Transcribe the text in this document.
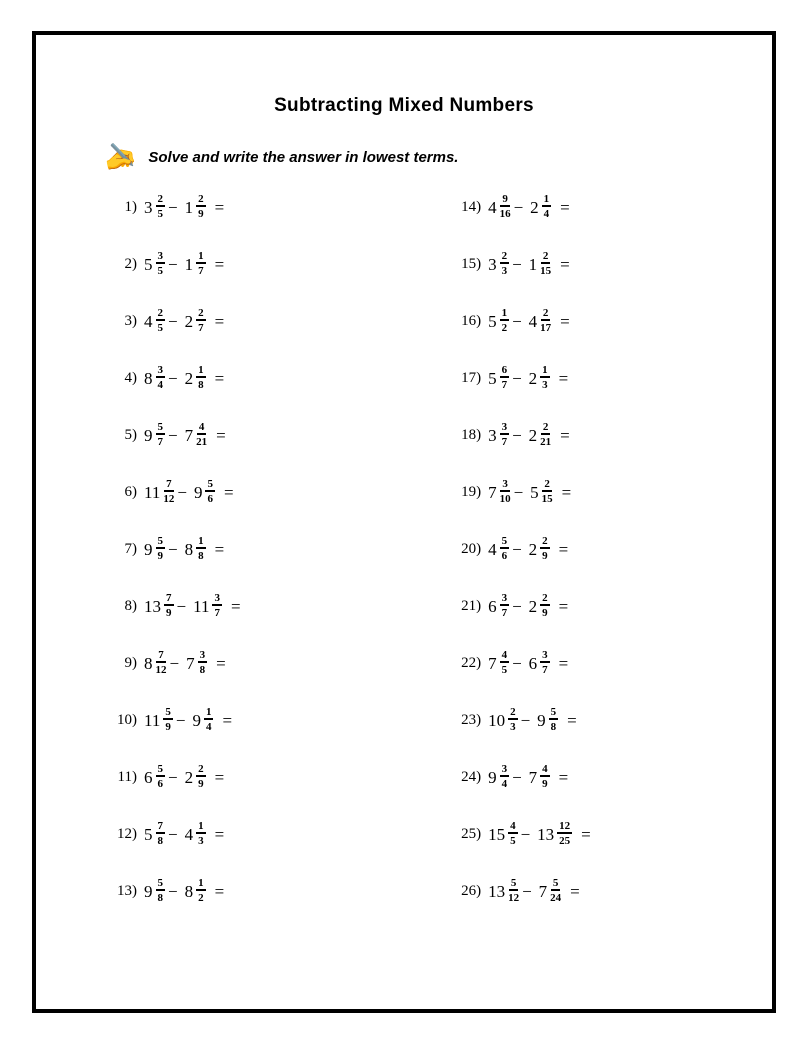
Subtracting Mixed Numbers
✍ Solve and write the answer in lowest terms.
1) $3 \frac{2}{5} - 1 \frac{2}{9}$ =
2) $5 \frac{3}{5} - 1 \frac{1}{7}$ =
3) $4 \frac{2}{5} - 2 \frac{2}{7}$ =
4) $8 \frac{3}{4} - 2 \frac{1}{8}$ =
5) $9 \frac{5}{7} - 7 \frac{4}{21}$ =
6) $11 \frac{7}{12} - 9 \frac{5}{6}$ =
7) $9 \frac{5}{9} - 8 \frac{1}{8}$ =
8) $13 \frac{7}{9} - 11 \frac{3}{7}$ =
9) $8 \frac{7}{12} - 7 \frac{3}{8}$ =
10) $11 \frac{5}{9} - 9 \frac{1}{4}$ =
11) $6 \frac{5}{6} - 2 \frac{2}{9}$ =
12) $5 \frac{7}{8} - 4 \frac{1}{3}$ =
13) $9 \frac{5}{8} - 8 \frac{1}{2}$ =
14) $4 \frac{9}{16} - 2 \frac{1}{4}$ =
15) $3 \frac{2}{3} - 1 \frac{2}{15}$ =
16) $5 \frac{1}{2} - 4 \frac{2}{17}$ =
17) $5 \frac{6}{7} - 2 \frac{1}{3}$ =
18) $3 \frac{3}{7} - 2 \frac{2}{21}$ =
19) $7 \frac{3}{10} - 5 \frac{2}{15}$ =
20) $4 \frac{5}{6} - 2 \frac{2}{9}$ =
21) $6 \frac{3}{7} - 2 \frac{2}{9}$ =
22) $7 \frac{4}{5} - 6 \frac{3}{7}$ =
23) $10 \frac{2}{3} - 9 \frac{5}{8}$ =
24) $9 \frac{3}{4} - 7 \frac{4}{9}$ =
25) $15 \frac{4}{5} - 13 \frac{12}{25}$ =
26) $13 \frac{5}{12} - 7 \frac{5}{24}$ =
